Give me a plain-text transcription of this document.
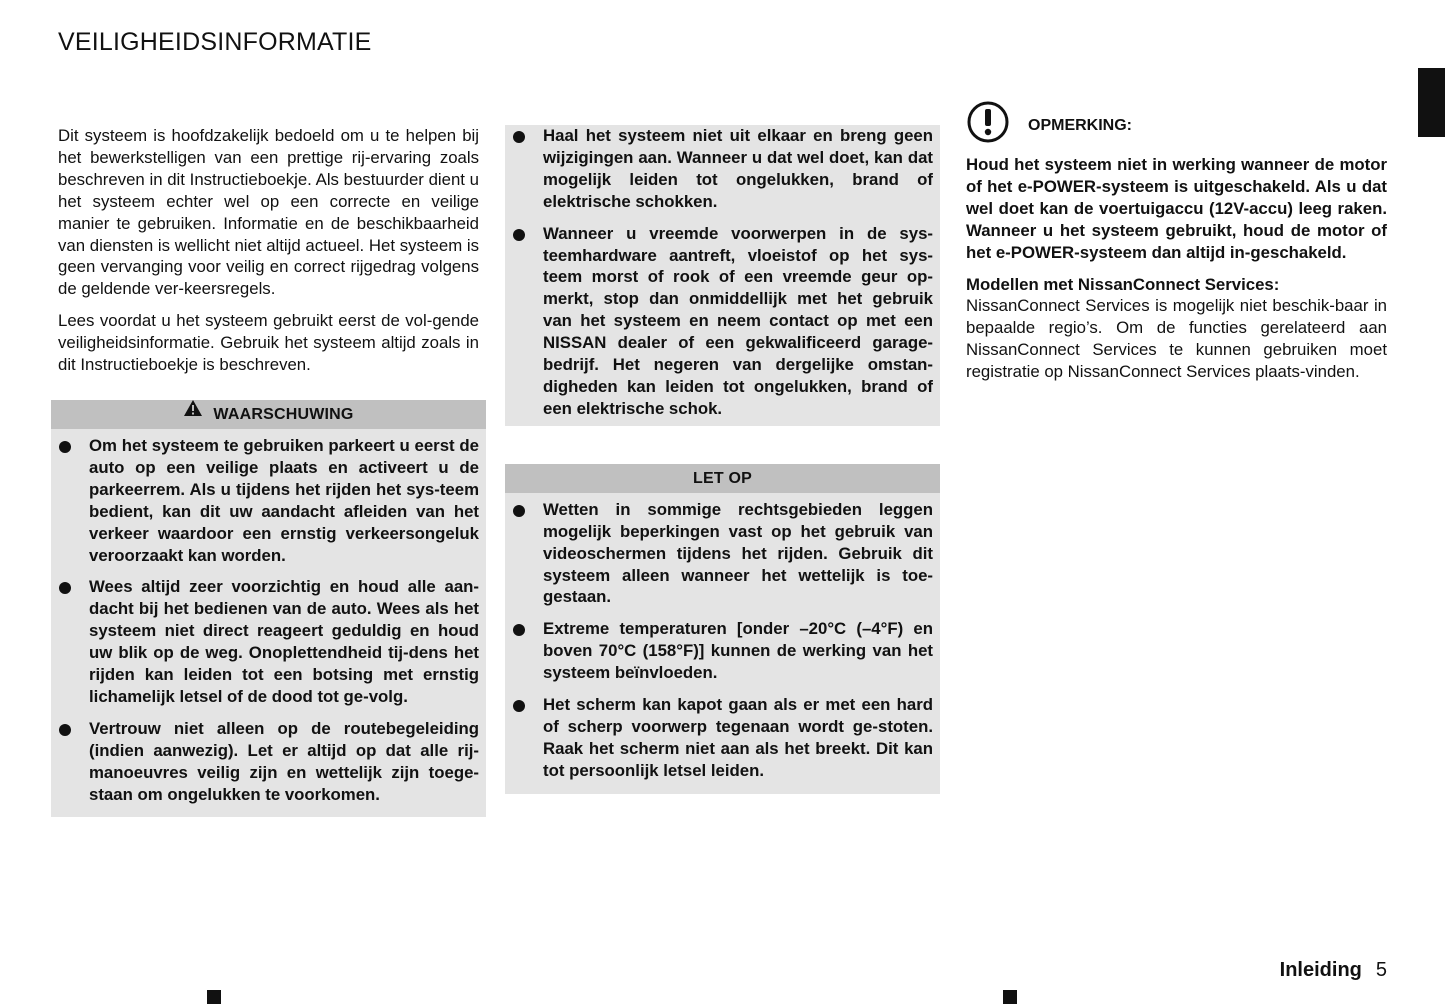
VEILIGHEIDSINFORMATIE

Dit systeem is hoofdzakelijk bedoeld om u te helpen bij het bewerkstelligen van een prettige rij-ervaring zoals beschreven in dit Instructieboekje. Als bestuurder dient u het systeem echter wel op een correcte en veilige manier te gebruiken. Informatie en de beschikbaarheid van diensten is wellicht niet altijd actueel. Het systeem is geen vervanging voor veilig en correct rijgedrag volgens de geldende ver-keersregels.

Lees voordat u het systeem gebruikt eerst de vol-gende veiligheidsinformatie. Gebruik het systeem altijd zoals in dit Instructieboekje is beschreven.

WAARSCHUWING
Om het systeem te gebruiken parkeert u eerst de auto op een veilige plaats en activeert u de parkeerrem. Als u tijdens het rijden het sys-teem bedient, kan dit uw aandacht afleiden van het verkeer waardoor een ernstig verkeersongeluk veroorzaakt kan worden.
Wees altijd zeer voorzichtig en houd alle aan-dacht bij het bedienen van de auto. Wees als het systeem niet direct reageert geduldig en houd uw blik op de weg. Onoplettendheid tij-dens het rijden kan leiden tot een botsing met ernstig lichamelijk letsel of de dood tot ge-volg.
Vertrouw niet alleen op de routebegeleiding (indien aanwezig). Let er altijd op dat alle rij-manoeuvres veilig zijn en wettelijk zijn toege-staan om ongelukken te voorkomen.
Haal het systeem niet uit elkaar en breng geen wijzigingen aan. Wanneer u dat wel doet, kan dat mogelijk leiden tot ongelukken, brand of elektrische schokken.
Wanneer u vreemde voorwerpen in de sys-teemhardware aantreft, vloeistof op het sys-teem morst of rook of een vreemde geur op-merkt, stop dan onmiddellijk met het gebruik van het systeem en neem contact op met een NISSAN dealer of een gekwalificeerd garage-bedrijf. Het negeren van dergelijke omstan-digheden kan leiden tot ongelukken, brand of een elektrische schok.
LET OP
Wetten in sommige rechtsgebieden leggen mogelijk beperkingen vast op het gebruik van videoschermen tijdens het rijden. Gebruik dit systeem alleen wanneer het wettelijk is toe-gestaan.
Extreme temperaturen [onder –20°C (–4°F) en boven 70°C (158°F)] kunnen de werking van het systeem beïnvloeden.
Het scherm kan kapot gaan als er met een hard of scherp voorwerp tegenaan wordt ge-stoten. Raak het scherm niet aan als het breekt. Dit kan tot persoonlijk letsel leiden.
OPMERKING:

Houd het systeem niet in werking wanneer de motor of het e-POWER-systeem is uitgeschakeld. Als u dat wel doet kan de voertuigaccu (12V-accu) leeg raken. Wanneer u het systeem gebruikt, houd de motor of het e-POWER-systeem dan altijd in-geschakeld.

Modellen met NissanConnect Services:

NissanConnect Services is mogelijk niet beschik-baar in bepaalde regio’s. Om de functies gerelateerd aan NissanConnect Services te kunnen gebruiken moet registratie op NissanConnect Services plaats-vinden.

Inleiding 5
